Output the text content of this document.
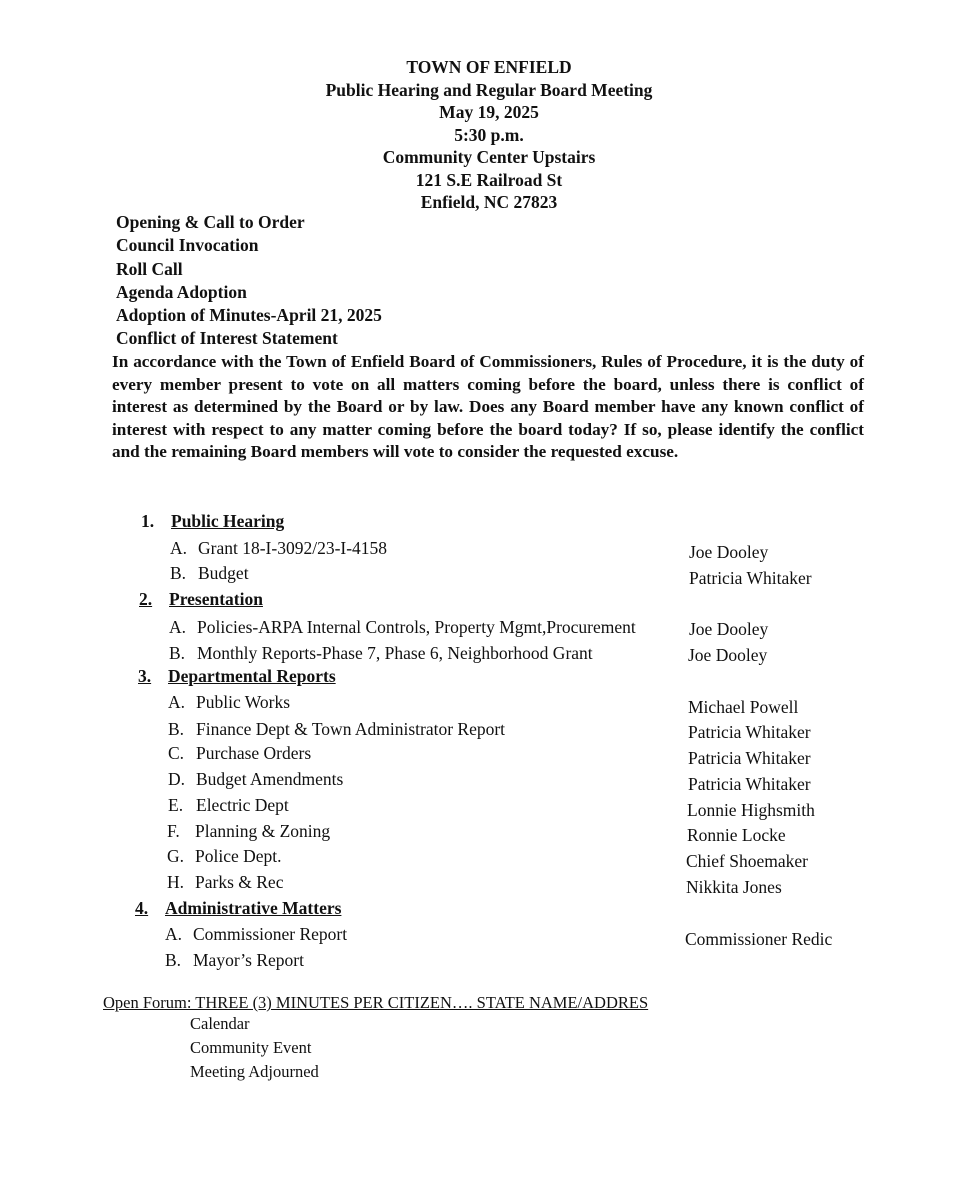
TOWN OF ENFIELD
Public Hearing and Regular Board Meeting
May 19, 2025
5:30 p.m.
Community Center Upstairs
121 S.E Railroad St
Enfield, NC 27823
Opening & Call to Order
Council Invocation
Roll Call
Agenda Adoption
Adoption of Minutes-April 21, 2025
Conflict of Interest Statement
In accordance with the Town of Enfield Board of Commissioners, Rules of Procedure, it is the duty of every member present to vote on all matters coming before the board, unless there is conflict of interest as determined by the Board or by law. Does any Board member have any known conflict of interest with respect to any matter coming before the board today? If so, please identify the conflict and the remaining Board members will vote to consider the requested excuse.
1. Public Hearing
A. Grant 18-I-3092/23-I-4158	Joe Dooley
B. Budget	Patricia Whitaker
2. Presentation
A. Policies-ARPA Internal Controls, Property Mgmt,Procurement	Joe Dooley
B. Monthly Reports-Phase 7, Phase 6, Neighborhood Grant	Joe Dooley
3. Departmental Reports
A. Public Works	Michael Powell
B. Finance Dept & Town Administrator Report	Patricia Whitaker
C. Purchase Orders	Patricia Whitaker
D. Budget Amendments	Patricia Whitaker
E. Electric Dept	Lonnie Highsmith
F. Planning & Zoning	Ronnie Locke
G. Police Dept.	Chief Shoemaker
H. Parks & Rec	Nikkita Jones
4. Administrative Matters
A. Commissioner Report	Commissioner Redic
B. Mayor’s Report
Open Forum: THREE (3) MINUTES PER CITIZEN…. STATE NAME/ADDRES
Calendar
Community Event
Meeting Adjourned
